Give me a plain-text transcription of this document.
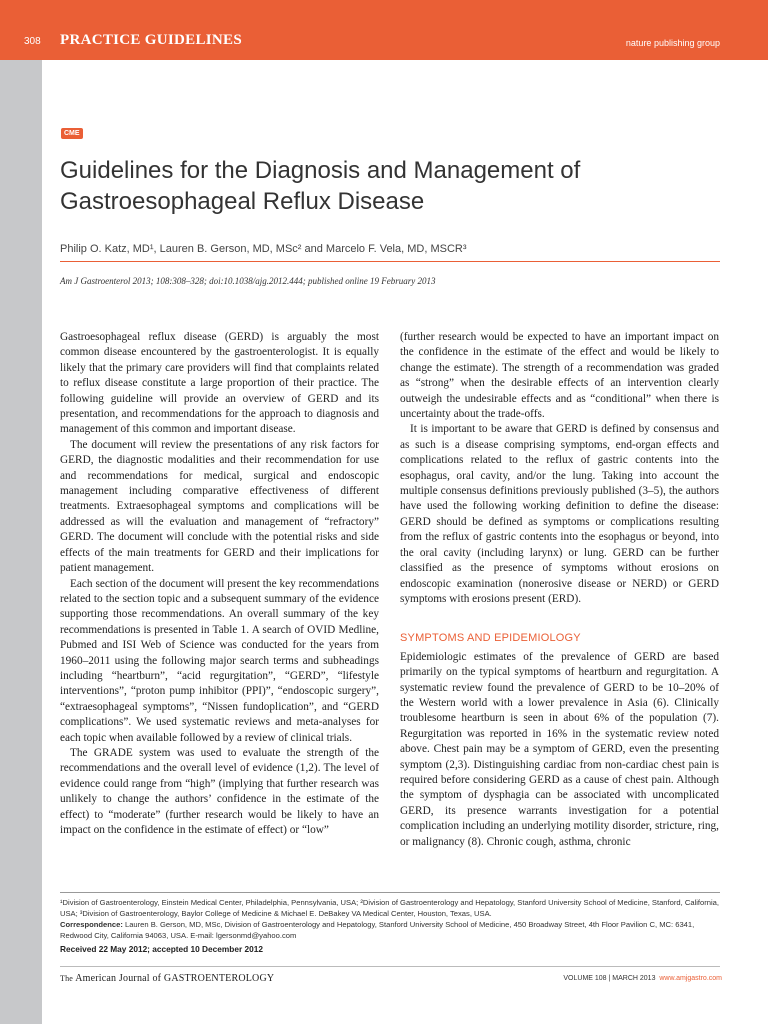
308 PRACTICE GUIDELINES	nature publishing group
CME
Guidelines for the Diagnosis and Management of Gastroesophageal Reflux Disease
Philip O. Katz, MD¹, Lauren B. Gerson, MD, MSc² and Marcelo F. Vela, MD, MSCR³
Am J Gastroenterol 2013; 108:308–328; doi:10.1038/ajg.2012.444; published online 19 February 2013

Gastroesophageal reflux disease (GERD) is arguably the most common disease encountered by the gastroenterologist. It is equally likely that the primary care providers will find that complaints related to reflux disease constitute a large proportion of their practice. The following guideline will provide an overview of GERD and its presentation, and recommendations for the approach to diagnosis and management of this common and important disease.

The document will review the presentations of any risk factors for GERD, the diagnostic modalities and their recommendation for use and recommendations for medical, surgical and endoscopic management including comparative effectiveness of different treatments. Extraesophageal symptoms and complications will be addressed as will the evaluation and management of “refractory” GERD. The document will conclude with the potential risks and side effects of the main treatments for GERD and their implications for patient management.

Each section of the document will present the key recommendations related to the section topic and a subsequent summary of the evidence supporting those recommendations. An overall summary of the key recommendations is presented in Table 1. A search of OVID Medline, Pubmed and ISI Web of Science was conducted for the years from 1960–2011 using the following major search terms and subheadings including “heartburn”, “acid regurgitation”, “GERD”, “lifestyle interventions”, “proton pump inhibitor (PPI)”, “endoscopic surgery”, “extraesophageal symptoms”, “Nissen fundoplication”, and “GERD complications”. We used systematic reviews and meta-analyses for each topic when available followed by a review of clinical trials.

The GRADE system was used to evaluate the strength of the recommendations and the overall level of evidence (1,2). The level of evidence could range from “high” (implying that further research was unlikely to change the authors’ confidence in the estimate of the effect) to “moderate” (further research would be likely to have an impact on the confidence in the estimate of effect) or “low”

(further research would be expected to have an important impact on the confidence in the estimate of the effect and would be likely to change the estimate). The strength of a recommendation was graded as “strong” when the desirable effects of an intervention clearly outweigh the undesirable effects and as “conditional” when there is uncertainty about the trade-offs.

It is important to be aware that GERD is defined by consensus and as such is a disease comprising symptoms, end-organ effects and complications related to the reflux of gastric contents into the esophagus, oral cavity, and/or the lung. Taking into account the multiple consensus definitions previously published (3–5), the authors have used the following working definition to define the disease: GERD should be defined as symptoms or complications resulting from the reflux of gastric contents into the esophagus or beyond, into the oral cavity (including larynx) or lung. GERD can be further classified as the presence of symptoms without erosions on endoscopic examination (nonerosive disease or NERD) or GERD symptoms with erosions present (ERD).

SYMPTOMS AND EPIDEMIOLOGY

Epidemiologic estimates of the prevalence of GERD are based primarily on the typical symptoms of heartburn and regurgitation. A systematic review found the prevalence of GERD to be 10–20% of the Western world with a lower prevalence in Asia (6). Clinically troublesome heartburn is seen in about 6% of the population (7). Regurgitation was reported in 16% in the systematic review noted above. Chest pain may be a symptom of GERD, even the presenting symptom (2,3). Distinguishing cardiac from non-cardiac chest pain is required before considering GERD as a cause of chest pain. Although the symptom of dysphagia can be associated with uncomplicated GERD, its presence warrants investigation for a potential complication including an underlying motility disorder, stricture, ring, or malignancy (8). Chronic cough, asthma, chronic

¹Division of Gastroenterology, Einstein Medical Center, Philadelphia, Pennsylvania, USA; ²Division of Gastroenterology and Hepatology, Stanford University School of Medicine, Stanford, California, USA; ³Division of Gastroenterology, Baylor College of Medicine & Michael E. DeBakey VA Medical Center, Houston, Texas, USA.
Correspondence: Lauren B. Gerson, MD, MSc, Division of Gastroenterology and Hepatology, Stanford University School of Medicine, 450 Broadway Street, 4th Floor Pavilion C, MC: 6341, Redwood City, California 94063, USA. E-mail: lgersonmd@yahoo.com
Received 22 May 2012; accepted 10 December 2012
The American Journal of GASTROENTEROLOGY	VOLUME 108 | MARCH 2013 www.amjgastro.com
